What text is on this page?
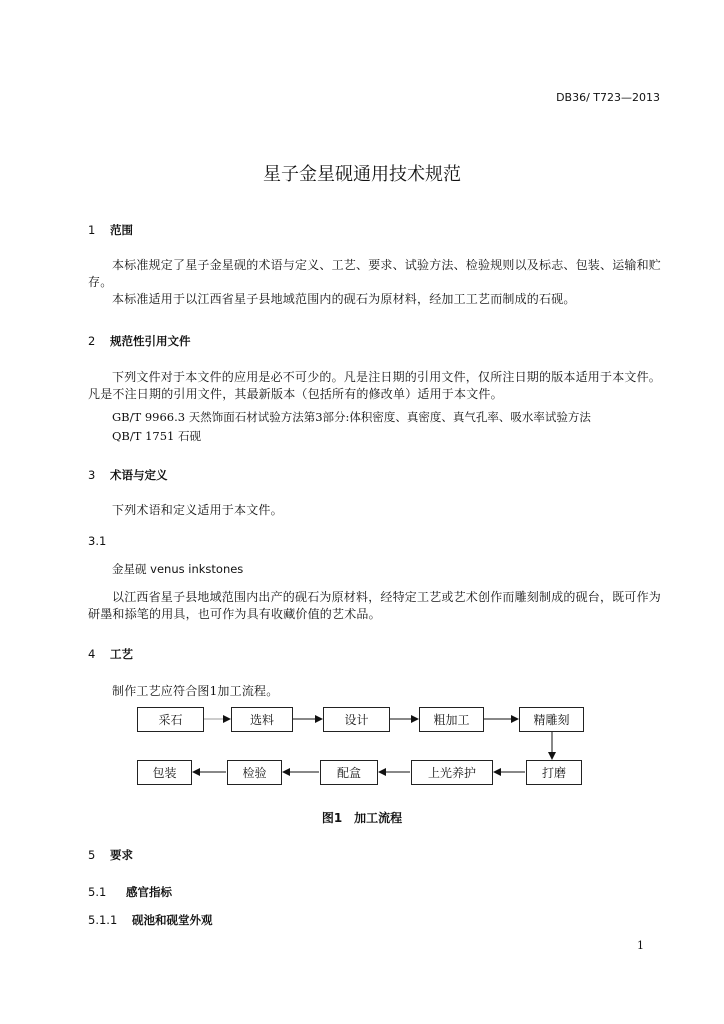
DB36/ T723—2013
星子金星砚通用技术规范
1 范围
本标准规定了星子金星砚的术语与定义、工艺、要求、试验方法、检验规则以及标志、包装、运输和贮存。
本标准适用于以江西省星子县地域范围内的砚石为原材料，经加工工艺而制成的石砚。
2 规范性引用文件
下列文件对于本文件的应用是必不可少的。凡是注日期的引用文件，仅所注日期的版本适用于本文件。凡是不注日期的引用文件，其最新版本（包括所有的修改单）适用于本文件。
GB/T 9966.3 天然饰面石材试验方法第3部分:体积密度、真密度、真气孔率、吸水率试验方法
QB/T 1751 石砚
3 术语与定义
下列术语和定义适用于本文件。
3.1
金星砚 venus inkstones
以江西省星子县地域范围内出产的砚石为原材料，经特定工艺或艺术创作而雕刻制成的砚台，既可作为研墨和掭笔的用具，也可作为具有收藏价值的艺术品。
4 工艺
制作工艺应符合图1加工流程。
采石	选料	设计	粗加工	精雕刻
包装	检验	配盒	上光养护	打磨
图1　加工流程
5 要求
5.1 感官指标
5.1.1 砚池和砚堂外观
1
